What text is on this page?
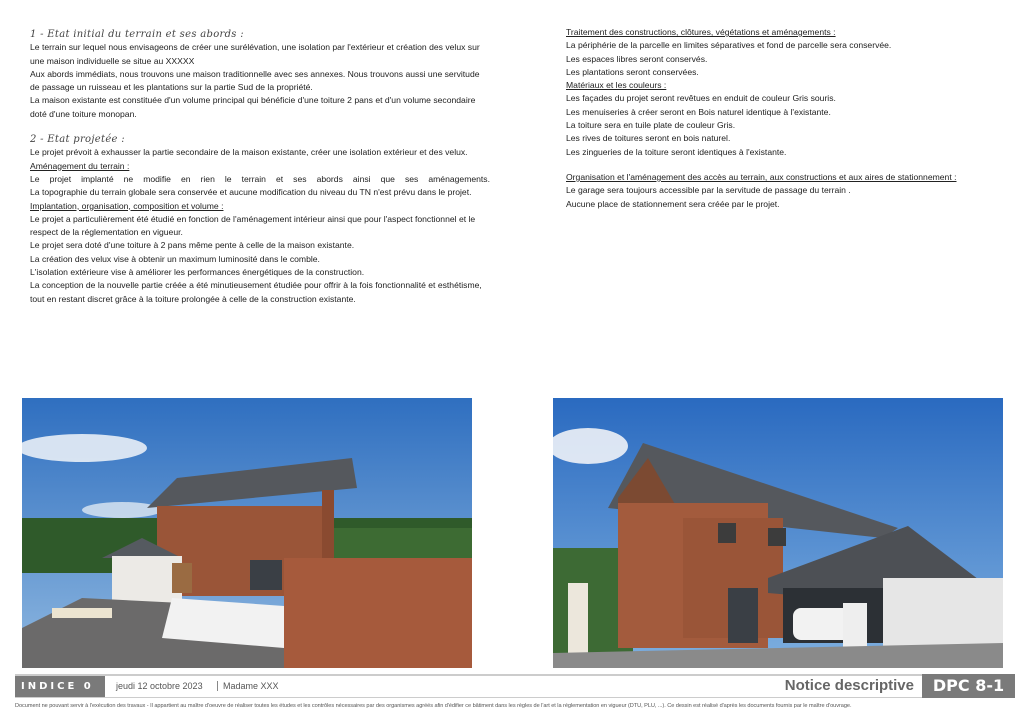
1 - Etat initial du terrain et ses abords :

Le terrain sur lequel nous envisageons de créer une surélévation, une isolation par l'extérieur et création des velux sur une maison individuelle se situe au XXXXX

Aux abords immédiats, nous trouvons une maison traditionnelle avec ses annexes. Nous trouvons aussi une servitude de passage un ruisseau et les plantations sur la partie Sud de la propriété.

La maison existante est constituée d'un volume principal qui bénéficie d'une toiture 2 pans et d'un volume secondaire doté d'une toiture monopan.

2 - Etat projetée :

Le projet prévoit à exhausser la partie secondaire de la maison existante, créer une isolation extérieur et des velux.

Aménagement du terrain :

Le projet implanté ne modifie en rien le terrain et ses abords ainsi que ses aménagements.

La topographie du terrain globale sera conservée et aucune modification du niveau du TN n'est prévu dans le projet.

Implantation, organisation, composition et volume :

Le projet a particulièrement été étudié en fonction de l'aménagement intérieur ainsi que pour l'aspect fonctionnel et le respect de la réglementation en vigueur.

Le projet sera doté d'une toiture à 2 pans même pente à celle de la maison existante.

La création des velux vise à obtenir un maximum luminosité dans le comble.

L'isolation extérieure vise à améliorer les performances énergétiques de la construction.

La conception de la nouvelle partie créée a été minutieusement étudiée pour offrir à la fois fonctionnalité et esthétisme, tout en restant discret grâce à la toiture prolongée à celle de la construction existante.

Traitement des constructions, clôtures, végétations et aménagements :

La périphérie de la parcelle en limites séparatives et fond de parcelle sera conservée.

Les espaces libres seront conservés.

Les plantations seront conservées.

Matériaux et les couleurs :

Les façades du projet seront revêtues en enduit de couleur Gris souris.

Les menuiseries à créer seront en Bois naturel identique à l'existante.

La toiture sera en tuile plate de couleur Gris.

Les rives de toitures seront en bois naturel.

Les zingueries de la toiture seront identiques à l'existante.

Organisation et l'aménagement des accès au terrain, aux constructions et aux aires de stationnement :

Le garage sera toujours accessible par la servitude de passage du terrain .

Aucune place de stationnement sera créée par le projet.

INDICE 0	jeudi 12 octobre 2023	Madame XXX	Notice descriptive	DPC 8-1
Document ne pouvant servir à l'exécution des travaux - Il appartient au maître d'oeuvre de réaliser toutes les études et les contrôles nécessaires par des organismes agréés afin d'édifier ce bâtiment dans les règles de l'art et la réglementation en vigueur (DTU, PLU, ...). Ce dessin est réalisé d'après les documents fournis par le maître d'ouvrage.
